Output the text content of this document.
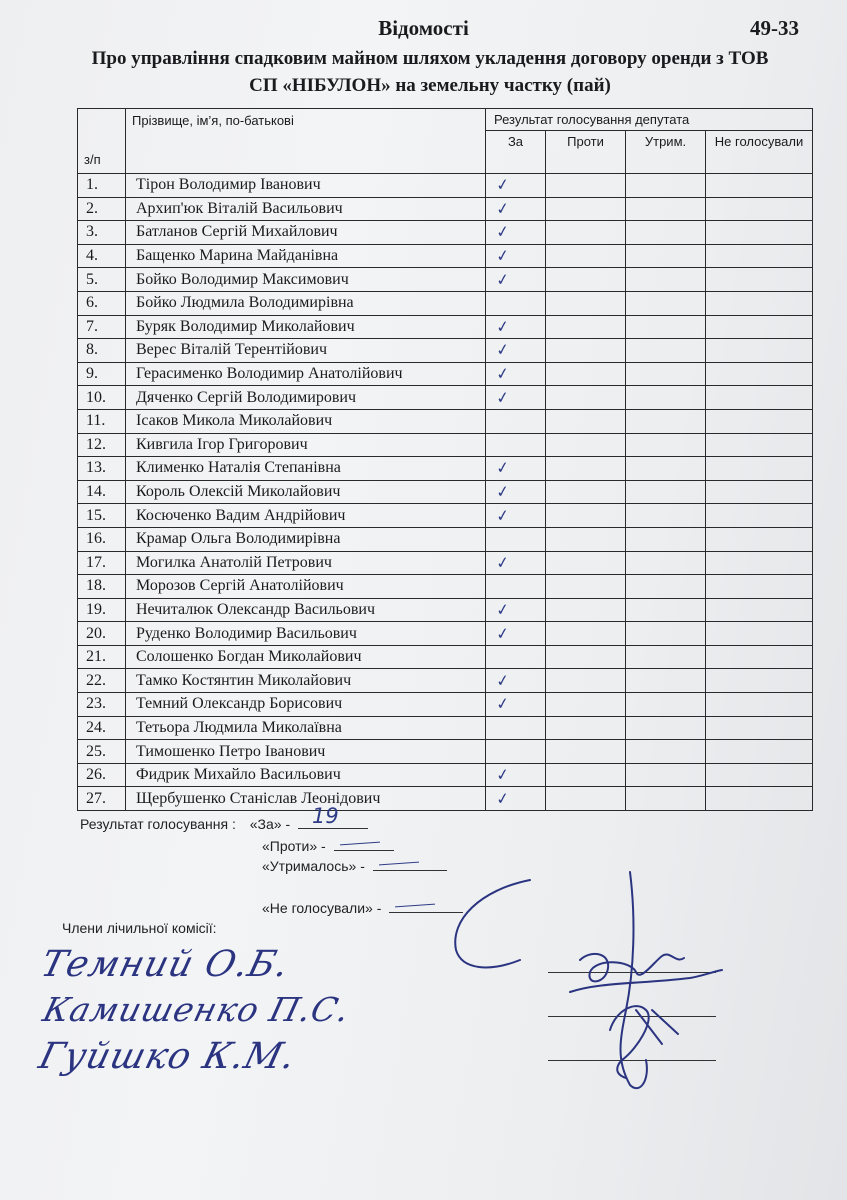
Відомості	49-33
Про управління спадковим майном шляхом укладення договору оренди з ТОВ
СП «НІБУЛОН» на земельну частку (пай)
з/п	Прізвище, ім’я, по-батькові	Результат голосування депутата			
		За	Проти	Утрим.	Не голосували
1.	Тірон Володимир Іванович	✓			
2.	Архип'юк Віталій Васильович	✓			
3.	Батланов Сергій Михайлович	✓			
4.	Бащенко Марина Майданівна	✓			
5.	Бойко Володимир Максимович	✓			
6.	Бойко Людмила Володимирівна				
7.	Буряк Володимир Миколайович	✓			
8.	Верес Віталій Терентійович	✓			
9.	Герасименко Володимир Анатолійович	✓			
10.	Дяченко Сергій Володимирович	✓			
11.	Ісаков Микола Миколайович				
12.	Кивгила Ігор Григорович				
13.	Клименко Наталія Степанівна	✓			
14.	Король Олексій Миколайович	✓			
15.	Косюченко Вадим Андрійович	✓			
16.	Крамар Ольга Володимирівна				
17.	Могилка Анатолій Петрович	✓			
18.	Морозов Сергій Анатолійович				
19.	Нечиталюк Олександр Васильович	✓			
20.	Руденко Володимир Васильович	✓			
21.	Солошенко Богдан Миколайович				
22.	Тамко Костянтин Миколайович	✓			
23.	Темний Олександр Борисович	✓			
24.	Тетьора Людмила Миколаївна				
25.	Тимошенко Петро Іванович				
26.	Фидрик Михайло Васильович	✓			
27.	Щербушенко Станіслав Леонідович	✓			
Результат голосування : «За» - 19
«Проти» -
«Утрималось» -
«Не голосували» -
Члени лічильної комісії:
Темний О.Б.
Камишенко П.С.
Гуйшко К.М.
